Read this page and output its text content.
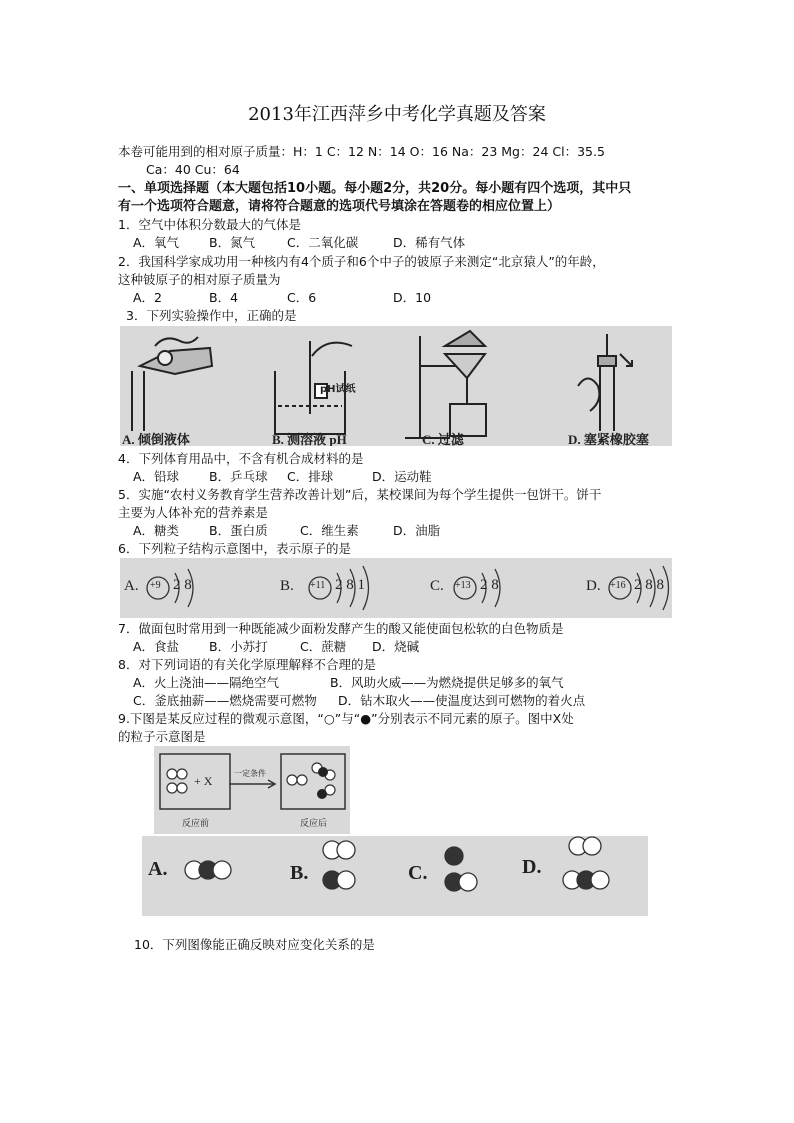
2013年江西萍乡中考化学真题及答案
本卷可能用到的相对原子质量：H：1 C：12 N：14 O：16 Na：23 Mg：24 Cl：35.5
Ca：40 Cu：64
一、单项选择题（本大题包括10小题。每小题2分，共20分。每小题有四个选项，其中只
有一个选项符合题意，请将符合题意的选项代号填涂在答题卷的相应位置上）
1．空气中体积分数最大的气体是
A．氧气 B．氮气	C．二氧化碳	D．稀有气体
2．我国科学家成功用一种核内有4个质子和6个中子的铍原子来测定“北京猿人”的年龄，
这种铍原子的相对原子质量为
A．2	B．4	C．6	D．10
3．下列实验操作中，正确的是
pH试纸
A. 倾倒液体	B. 测溶液 pH	C. 过滤	D. 塞紧橡胶塞
4．下列体育用品中，不含有机合成材料的是
A．铅球 B．乒乓球 C．排球	D．运动鞋
5．实施“农村义务教育学生营养改善计划”后，某校课间为每个学生提供一包饼干。饼干
主要为人体补充的营养素是
A．糖类 B．蛋白质	C．维生素	D．油脂
6．下列粒子结构示意图中，表示原子的是
A. +9 2 8	B. +11 2 8 1	C. +13 2 8	D. +16 2 8 8
7．做面包时常用到一种既能减少面粉发酵产生的酸又能使面包松软的白色物质是
A．食盐 B．小苏打	C．蔗糖 D．烧碱
8．对下列词语的有关化学原理解释不合理的是
A．火上浇油——隔绝空气	B．风助火威——为燃烧提供足够多的氧气
C．釜底抽薪——燃烧需要可燃物 D．钻木取火——使温度达到可燃物的着火点
9.下图是某反应过程的微观示意图，“○”与“●”分别表示不同元素的原子。图中X处
的粒子示意图是
+ X
一定条件
反应前	反应后
A.	B.	C.	D.
10．下列图像能正确反映对应变化关系的是
